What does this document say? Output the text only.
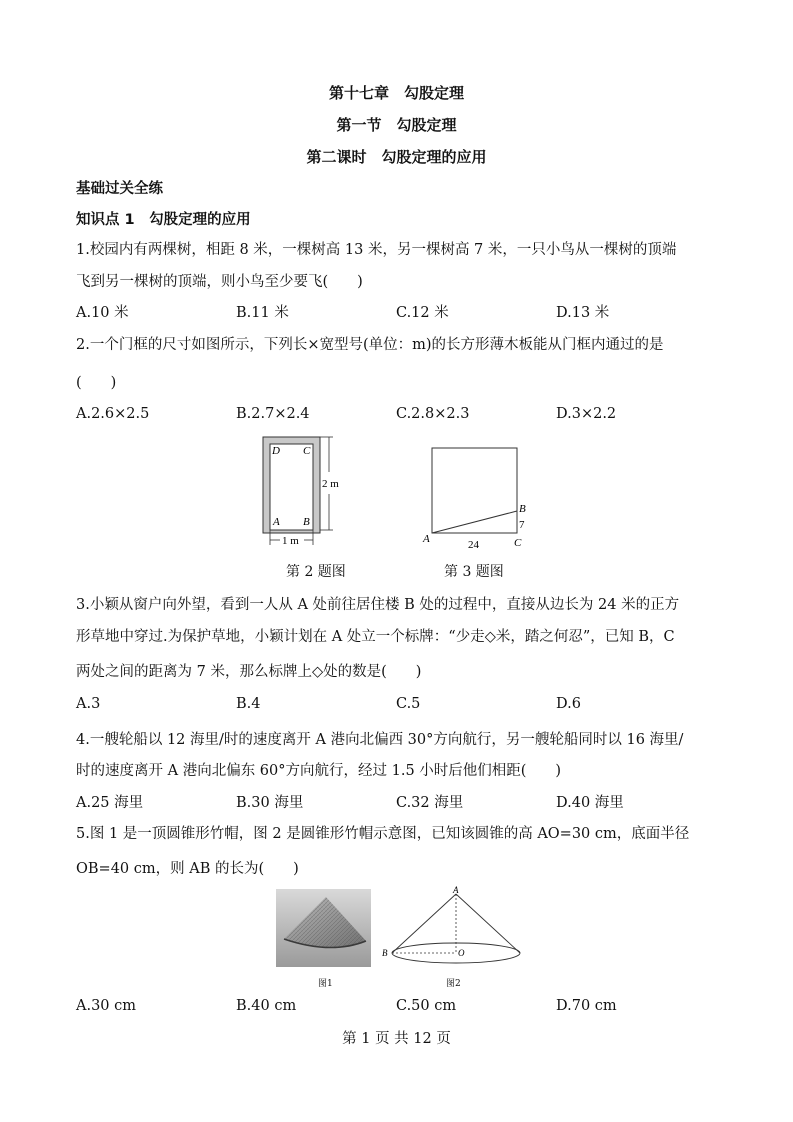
第十七章　勾股定理
第一节　勾股定理
第二课时　勾股定理的应用
基础过关全练
知识点 1　勾股定理的应用
1.校园内有两棵树，相距 8 米，一棵树高 13 米，另一棵树高 7 米，一只小鸟从一棵树的顶端
飞到另一棵树的顶端，则小鸟至少要飞(　　)
A.10 米	B.11 米	C.12 米	D.13 米
2.一个门框的尺寸如图所示，下列长×宽型号(单位：m)的长方形薄木板能从门框内通过的是
(　　)
A.2.6×2.5	B.2.7×2.4	C.2.8×2.3	D.3×2.2
D C
A B
2 m
1 m
第 2 题图
A
B
C
24
7
第 3 题图
3.小颖从窗户向外望，看到一人从 A 处前往居住楼 B 处的过程中，直接从边长为 24 米的正方
形草地中穿过.为保护草地，小颖计划在 A 处立一个标牌：“少走◇米，踏之何忍”，已知 B，C
两处之间的距离为 7 米，那么标牌上◇处的数是(　　)
A.3	B.4	C.5	D.6
4.一艘轮船以 12 海里/时的速度离开 A 港向北偏西 30°方向航行，另一艘轮船同时以 16 海里/
时的速度离开 A 港向北偏东 60°方向航行，经过 1.5 小时后他们相距(　　)
A.25 海里	B.30 海里	C.32 海里	D.40 海里
5.图 1 是一顶圆锥形竹帽，图 2 是圆锥形竹帽示意图，已知该圆锥的高 AO=30 cm，底面半径
OB=40 cm，则 AB 的长为(　　)
图1
A
B	O
图2
A.30 cm	B.40 cm	C.50 cm	D.70 cm
第 1 页 共 12 页
